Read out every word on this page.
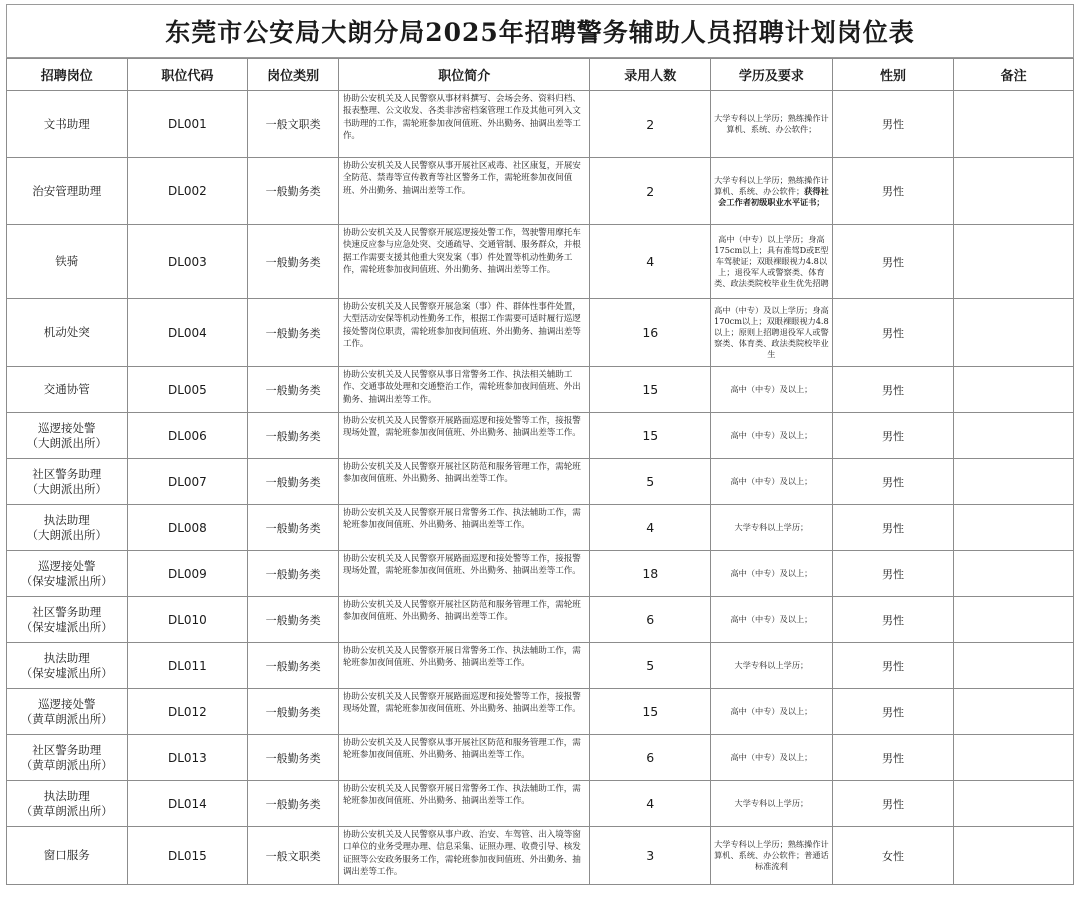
东莞市公安局大朗分局2025年招聘警务辅助人员招聘计划岗位表
招聘岗位	职位代码	岗位类别	职位简介	录用人数	学历及要求	性别	备注

文书助理	DL001	一般文职类	协助公安机关及人民警察从事材料撰写、会场会务、资料归档、报表整理、公文收发、各类非涉密档案管理工作及其他可列入文书助理的工作，需轮班参加夜间值班、外出勤务、抽调出差等工作。	2	大学专科以上学历；熟练操作计算机、系统、办公软件；	男性	

治安管理助理	DL002	一般勤务类	协助公安机关及人民警察从事开展社区戒毒、社区康复，开展安全防范、禁毒等宣传教育等社区警务工作，需轮班参加夜间值班、外出勤务、抽调出差等工作。	2	大学专科以上学历；熟练操作计算机、系统、办公软件；获得社会工作者初级职业水平证书；	男性	

铁骑	DL003	一般勤务类	协助公安机关及人民警察开展巡逻接处警工作，驾驶警用摩托车快速反应参与应急处突、交通疏导、交通管制、服务群众，并根据工作需要支援其他重大突发案（事）件处置等机动性勤务工作，需轮班参加夜间值班、外出勤务、抽调出差等工作。	4	高中（中专）以上学历；身高175cm以上；具有准驾D或E型车驾驶证；双眼裸眼视力4.8以上；退役军人或警察类、体育类、政法类院校毕业生优先招聘	男性	

机动处突	DL004	一般勤务类	协助公安机关及人民警察开展急案（事）件、群体性事件处置，大型活动安保等机动性勤务工作，根据工作需要可适时履行巡逻接处警岗位职责，需轮班参加夜间值班、外出勤务、抽调出差等工作。	16	高中（中专）及以上学历；身高170cm以上；双眼裸眼视力4.8以上；原则上招聘退役军人或警察类、体育类、政法类院校毕业生	男性	

交通协管	DL005	一般勤务类	协助公安机关及人民警察从事日常警务工作、执法相关辅助工作、交通事故处理和交通整治工作，需轮班参加夜间值班、外出勤务、抽调出差等工作。	15	高中（中专）及以上；	男性	

巡逻接处警
（大朗派出所）	DL006	一般勤务类	协助公安机关及人民警察开展路面巡逻和接处警等工作，接报警现场处置，需轮班参加夜间值班、外出勤务、抽调出差等工作。	15	高中（中专）及以上；	男性	

社区警务助理
（大朗派出所）	DL007	一般勤务类	协助公安机关及人民警察开展社区防范和服务管理工作，需轮班参加夜间值班、外出勤务、抽调出差等工作。	5	高中（中专）及以上；	男性	

执法助理
（大朗派出所）	DL008	一般勤务类	协助公安机关及人民警察开展日常警务工作、执法辅助工作，需轮班参加夜间值班、外出勤务、抽调出差等工作。	4	大学专科以上学历；	男性	

巡逻接处警
（保安墟派出所）	DL009	一般勤务类	协助公安机关及人民警察开展路面巡逻和接处警等工作，接报警现场处置，需轮班参加夜间值班、外出勤务、抽调出差等工作。	18	高中（中专）及以上；	男性	

社区警务助理
（保安墟派出所）	DL010	一般勤务类	协助公安机关及人民警察开展社区防范和服务管理工作，需轮班参加夜间值班、外出勤务、抽调出差等工作。	6	高中（中专）及以上；	男性	

执法助理
（保安墟派出所）	DL011	一般勤务类	协助公安机关及人民警察开展日常警务工作、执法辅助工作，需轮班参加夜间值班、外出勤务、抽调出差等工作。	5	大学专科以上学历；	男性	

巡逻接处警
（黄草朗派出所）	DL012	一般勤务类	协助公安机关及人民警察开展路面巡逻和接处警等工作，接报警现场处置，需轮班参加夜间值班、外出勤务、抽调出差等工作。	15	高中（中专）及以上；	男性	

社区警务助理
（黄草朗派出所）	DL013	一般勤务类	协助公安机关及人民警察从事开展社区防范和服务管理工作，需轮班参加夜间值班、外出勤务、抽调出差等工作。	6	高中（中专）及以上；	男性	

执法助理
（黄草朗派出所）	DL014	一般勤务类	协助公安机关及人民警察开展日常警务工作、执法辅助工作，需轮班参加夜间值班、外出勤务、抽调出差等工作。	4	大学专科以上学历；	男性	

窗口服务	DL015	一般文职类	协助公安机关及人民警察从事户政、治安、车驾管、出入境等窗口单位的业务受理办理、信息采集、证照办理、收费引导、核发证照等公安政务服务工作，需轮班参加夜间值班、外出勤务、抽调出差等工作。	3	大学专科以上学历；熟练操作计算机、系统、办公软件；普通话标准流利	女性	
